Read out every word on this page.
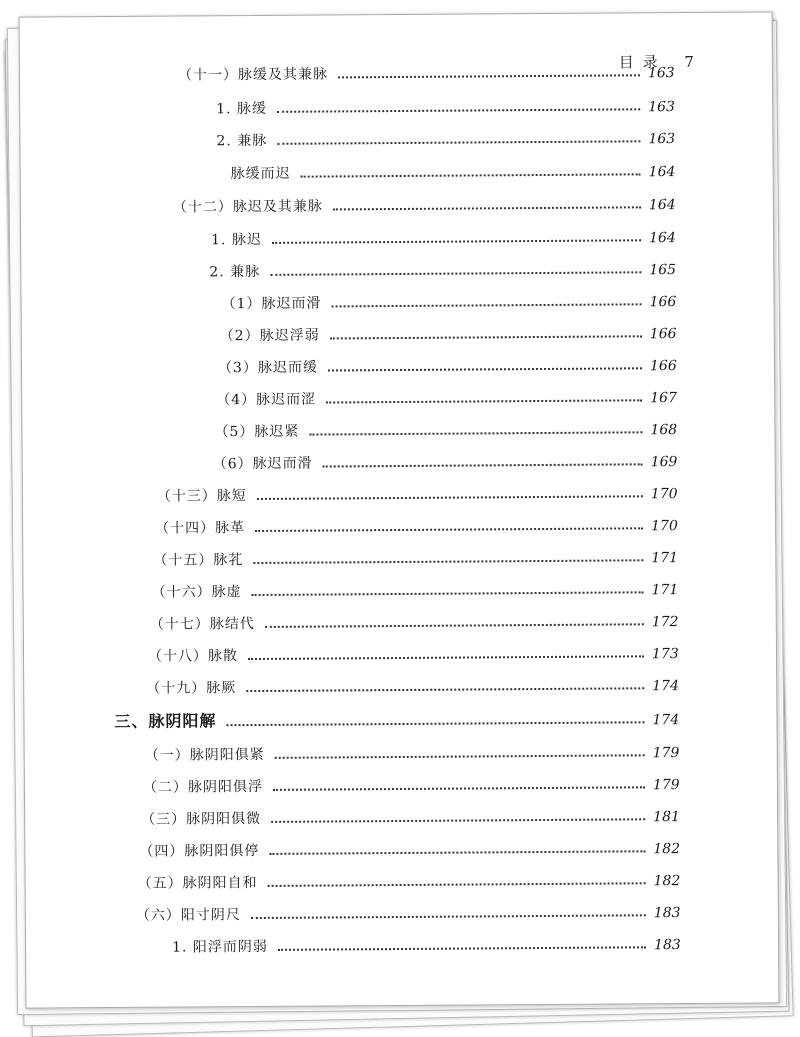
目 录 7
（十一）脉缓及其兼脉	163
1. 脉缓	163
2. 兼脉	163
脉缓而迟	164
（十二）脉迟及其兼脉	164
1. 脉迟	164
2. 兼脉	165
（1）脉迟而滑	166
（2）脉迟浮弱	166
（3）脉迟而缓	166
（4）脉迟而涩	167
（5）脉迟紧	168
（6）脉迟而滑	169
（十三）脉短	170
（十四）脉革	170
（十五）脉芤	171
（十六）脉虚	171
（十七）脉结代	172
（十八）脉散	173
（十九）脉厥	174
三、脉阴阳解	174
（一）脉阴阳俱紧	179
（二）脉阴阳俱浮	179
（三）脉阴阳俱微	181
（四）脉阴阳俱停	182
（五）脉阴阳自和	182
（六）阳寸阴尺	183
1. 阳浮而阴弱	183
